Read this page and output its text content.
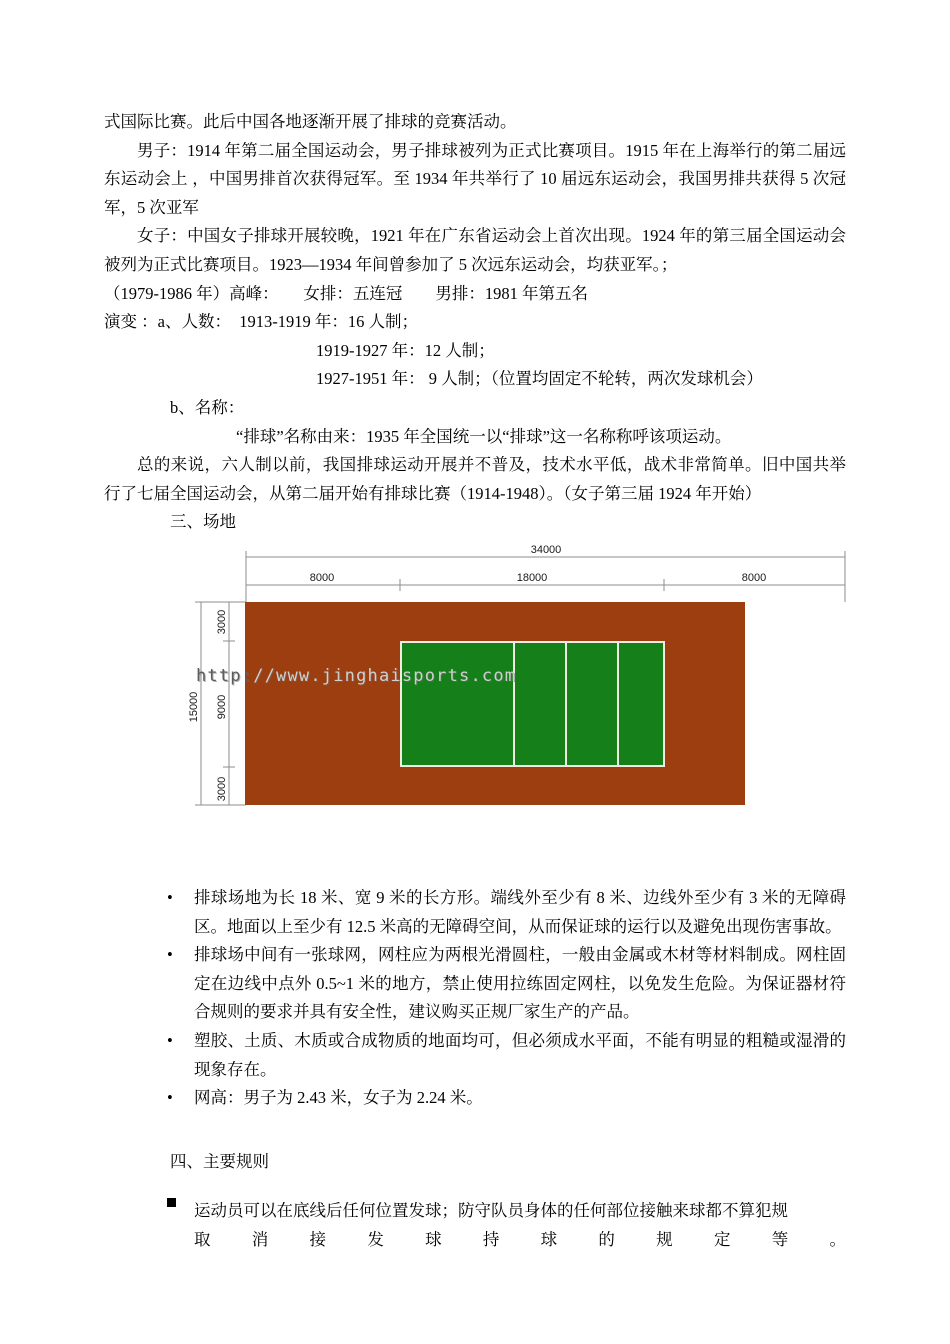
式国际比赛。此后中国各地逐渐开展了排球的竞赛活动。

男子：1914 年第二届全国运动会，男子排球被列为正式比赛项目。1915 年在上海举行的第二届远东运动会上 ，中国男排首次获得冠军。至 1934 年共举行了 10 届远东运动会，我国男排共获得 5 次冠军，5 次亚军

女子：中国女子排球开展较晚，1921 年在广东省运动会上首次出现。1924 年的第三届全国运动会被列为正式比赛项目。1923—1934 年间曾参加了 5 次远东运动会，均获亚军。；

（1979-1986 年）高峰：　　女排：五连冠　　男排：1981 年第五名

演变 ：a、人数：　1913-1919 年：16 人制；

1919-1927 年：12 人制；

1927-1951 年： 9 人制；（位置均固定不轮转，两次发球机会）

b、名称：

“排球”名称由来：1935 年全国统一以“排球”这一名称称呼该项运动。

总的来说，六人制以前，我国排球运动开展并不普及，技术水平低，战术非常简单。旧中国共举行了七届全国运动会，从第二届开始有排球比赛（1914-1948）。（女子第三届 1924 年开始）

三、场地

34000
8000	18000	8000
15000
3000
9000
3000
http://www.jinghaisports.com
• 排球场地为长 18 米、宽 9 米的长方形。端线外至少有 8 米、边线外至少有 3 米的无障碍区。地面以上至少有 12.5 米高的无障碍空间，从而保证球的运行以及避免出现伤害事故。
• 排球场中间有一张球网，网柱应为两根光滑圆柱，一般由金属或木材等材料制成。网柱固定在边线中点外 0.5~1 米的地方，禁止使用拉练固定网柱，以免发生危险。为保证器材符合规则的要求并具有安全性，建议购买正规厂家生产的产品。
• 塑胶、土质、木质或合成物质的地面均可，但必须成水平面，不能有明显的粗糙或湿滑的现象存在。
• 网高：男子为 2.43 米，女子为 2.24 米。

四、主要规则

运动员可以在底线后任何位置发球；防守队员身体的任何部位接触来球都不算犯规
取消接发球持球的规定等。
